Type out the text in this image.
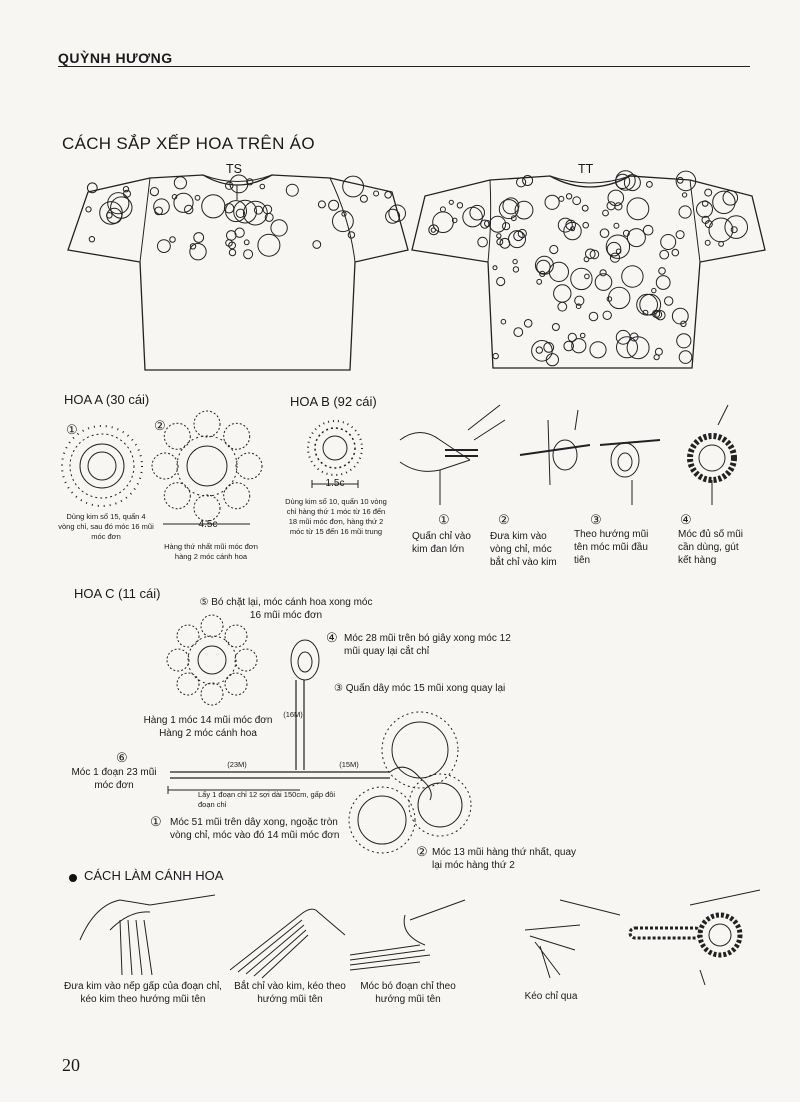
QUỲNH HƯƠNG
CÁCH SẮP XẾP HOA TRÊN ÁO
TS	TT
HOA A (30 cái)	HOA B (92 cái)
①	②
Dùng kim số 15, quấn 4 vòng chỉ, sau đó móc 16 mũi móc đơn
4.5c
Hàng thứ nhất mũi móc đơn hàng 2 móc cánh hoa
1.5c
Dùng kim số 10, quấn 10 vòng chỉ hàng thứ 1 móc từ 16 đến 18 mũi móc đơn, hàng thứ 2 móc từ 15 đến 16 mũi trung
①
Quấn chỉ vào kim đan lớn
②
Đưa kim vào vòng chỉ, móc bắt chỉ vào kim
③
Theo hướng mũi tên móc mũi đầu tiên
④
Móc đủ số mũi cần dùng, gút kết hàng
HOA C (11 cái)
⑤ Bó chặt lại, móc cánh hoa xong móc 16 mũi móc đơn
④ Móc 28 mũi trên bó giây xong móc 12 mũi quay lại cắt chỉ
③ Quấn dây móc 15 mũi xong quay lại
Hàng 1 móc 14 mũi móc đơn Hàng 2 móc cánh hoa
(16M)
⑥
Móc 1 đoạn 23 mũi móc đơn
(23M)	(15M)
Lấy 1 đoạn chỉ 12 sợi dài 150cm, gấp đôi đoạn chỉ
① Móc 51 mũi trên dây xong, ngoặc tròn vòng chỉ, móc vào đó 14 mũi móc đơn
② Móc 13 mũi hàng thứ nhất, quay lại móc hàng thứ 2
CÁCH LÀM CÁNH HOA
Đưa kim vào nếp gấp của đoạn chỉ, kéo kim theo hướng mũi tên
Bắt chỉ vào kim, kéo theo hướng mũi tên
Móc bó đoạn chỉ theo hướng mũi tên	Kéo chỉ qua
20
